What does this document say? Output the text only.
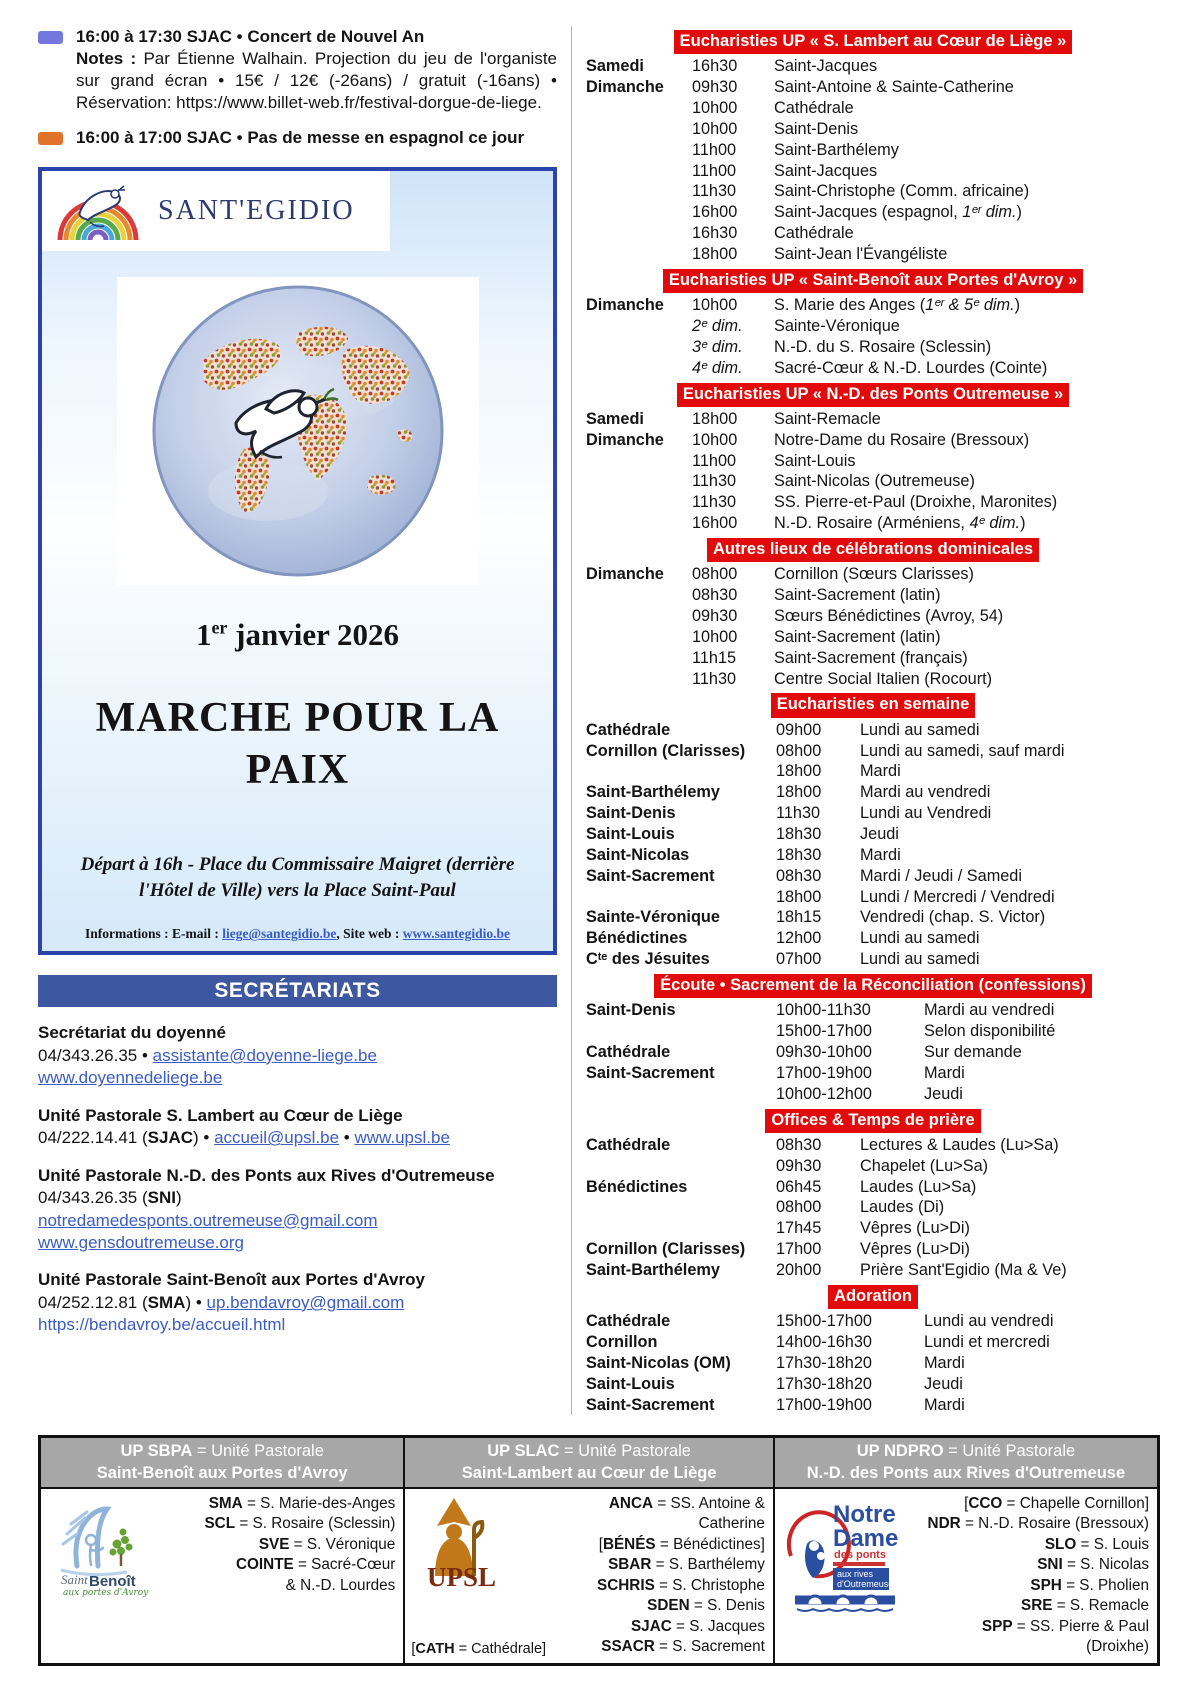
16:00 à 17:30 SJAC • Concert de Nouvel An
Notes : Par Étienne Walhain. Projection du jeu de l'organiste sur grand écran • 15€ / 12€ (-26ans) / gratuit (-16ans) • Réservation: https://www.billet-web.fr/festival-dorgue-de-liege.
16:00 à 17:00 SJAC • Pas de messe en espagnol ce jour
SANT'EGIDIO
1er janvier 2026
MARCHE POUR LA
PAIX
Départ à 16h - Place du Commissaire Maigret (derrière l'Hôtel de Ville) vers la Place Saint-Paul
Informations : E-mail : liege@santegidio.be, Site web : www.santegidio.be
SECRÉTARIATS
Secrétariat du doyenné
04/343.26.35 • assistante@doyenne-liege.be
www.doyennedeliege.be
Unité Pastorale S. Lambert au Cœur de Liège
04/222.14.41 (SJAC) • accueil@upsl.be • www.upsl.be
Unité Pastorale N.-D. des Ponts aux Rives d'Outremeuse
04/343.26.35 (SNI)
notredamedesponts.outremeuse@gmail.com
www.gensdoutremeuse.org
Unité Pastorale Saint-Benoît aux Portes d'Avroy
04/252.12.81 (SMA) • up.bendavroy@gmail.com
https://bendavroy.be/accueil.html
Eucharisties UP « S. Lambert au Cœur de Liège »
Samedi	16h30	Saint-Jacques
Dimanche	09h30	Saint-Antoine & Sainte-Catherine
10h00	Cathédrale
10h00	Saint-Denis
11h00	Saint-Barthélemy
11h00	Saint-Jacques
11h30	Saint-Christophe (Comm. africaine)
16h00	Saint-Jacques (espagnol, 1ᵉʳ dim.)
16h30	Cathédrale
18h00	Saint-Jean l'Évangéliste
Eucharisties UP « Saint-Benoît aux Portes d'Avroy »
Dimanche	10h00	S. Marie des Anges (1ᵉʳ & 5ᵉ dim.)
2ᵉ dim.	Sainte-Véronique
3ᵉ dim.	N.-D. du S. Rosaire (Sclessin)
4ᵉ dim.	Sacré-Cœur & N.-D. Lourdes (Cointe)
Eucharisties UP « N.-D. des Ponts Outremeuse »
Samedi	18h00	Saint-Remacle
Dimanche	10h00	Notre-Dame du Rosaire (Bressoux)
11h00	Saint-Louis
11h30	Saint-Nicolas (Outremeuse)
11h30	SS. Pierre-et-Paul (Droixhe, Maronites)
16h00	N.-D. Rosaire (Arméniens, 4ᵉ dim.)
Autres lieux de célébrations dominicales
Dimanche	08h00	Cornillon (Sœurs Clarisses)
08h30	Saint-Sacrement (latin)
09h30	Sœurs Bénédictines (Avroy, 54)
10h00	Saint-Sacrement (latin)
11h15	Saint-Sacrement (français)
11h30	Centre Social Italien (Rocourt)
Eucharisties en semaine
Cathédrale	09h00	Lundi au samedi
Cornillon (Clarisses)	08h00	Lundi au samedi, sauf mardi
18h00	Mardi
Saint-Barthélemy	18h00	Mardi au vendredi
Saint-Denis	11h30	Lundi au Vendredi
Saint-Louis	18h30	Jeudi
Saint-Nicolas	18h30	Mardi
Saint-Sacrement	08h30	Mardi / Jeudi / Samedi
18h00	Lundi / Mercredi / Vendredi
Sainte-Véronique	18h15	Vendredi (chap. S. Victor)
Bénédictines	12h00	Lundi au samedi
Cᵗᵉ des Jésuites	07h00	Lundi au samedi
Écoute • Sacrement de la Réconciliation (confessions)
Saint-Denis	10h00-11h30	Mardi au vendredi
15h00-17h00	Selon disponibilité
Cathédrale	09h30-10h00	Sur demande
Saint-Sacrement	17h00-19h00	Mardi
10h00-12h00	Jeudi
Offices & Temps de prière
Cathédrale	08h30	Lectures & Laudes (Lu>Sa)
09h30	Chapelet (Lu>Sa)
Bénédictines	06h45	Laudes (Lu>Sa)
08h00	Laudes (Di)
17h45	Vêpres (Lu>Di)
Cornillon (Clarisses)	17h00	Vêpres (Lu>Di)
Saint-Barthélemy	20h00	Prière Sant'Egidio (Ma & Ve)
Adoration
Cathédrale	15h00-17h00	Lundi au vendredi
Cornillon	14h00-16h30	Lundi et mercredi
Saint-Nicolas (OM)	17h30-18h20	Mardi
Saint-Louis	17h30-18h20	Jeudi
Saint-Sacrement	17h00-19h00	Mardi
UP SBPA = Unité Pastorale
Saint-Benoît aux Portes d'Avroy
Saint Benoît
aux portes d'Avroy
SMA = S. Marie-des-Anges
SCL = S. Rosaire (Sclessin)
SVE = S. Véronique
COINTE = Sacré-Cœur
& N.-D. Lourdes
UP SLAC = Unité Pastorale
Saint-Lambert au Cœur de Liège
UPSL
[CATH = Cathédrale]
ANCA = SS. Antoine & Catherine
[BÉNÉS = Bénédictines]
SBAR = S. Barthélemy
SCHRIS = S. Christophe
SDEN = S. Denis
SJAC = S. Jacques
SSACR = S. Sacrement
UP NDPRO = Unité Pastorale
N.-D. des Ponts aux Rives d'Outremeuse
Notre
Dame
des ponts
aux rives
d'Outremeuse
[CCO = Chapelle Cornillon]
NDR = N.-D. Rosaire (Bressoux)
SLO = S. Louis
SNI = S. Nicolas
SPH = S. Pholien
SRE = S. Remacle
SPP = SS. Pierre & Paul (Droixhe)
